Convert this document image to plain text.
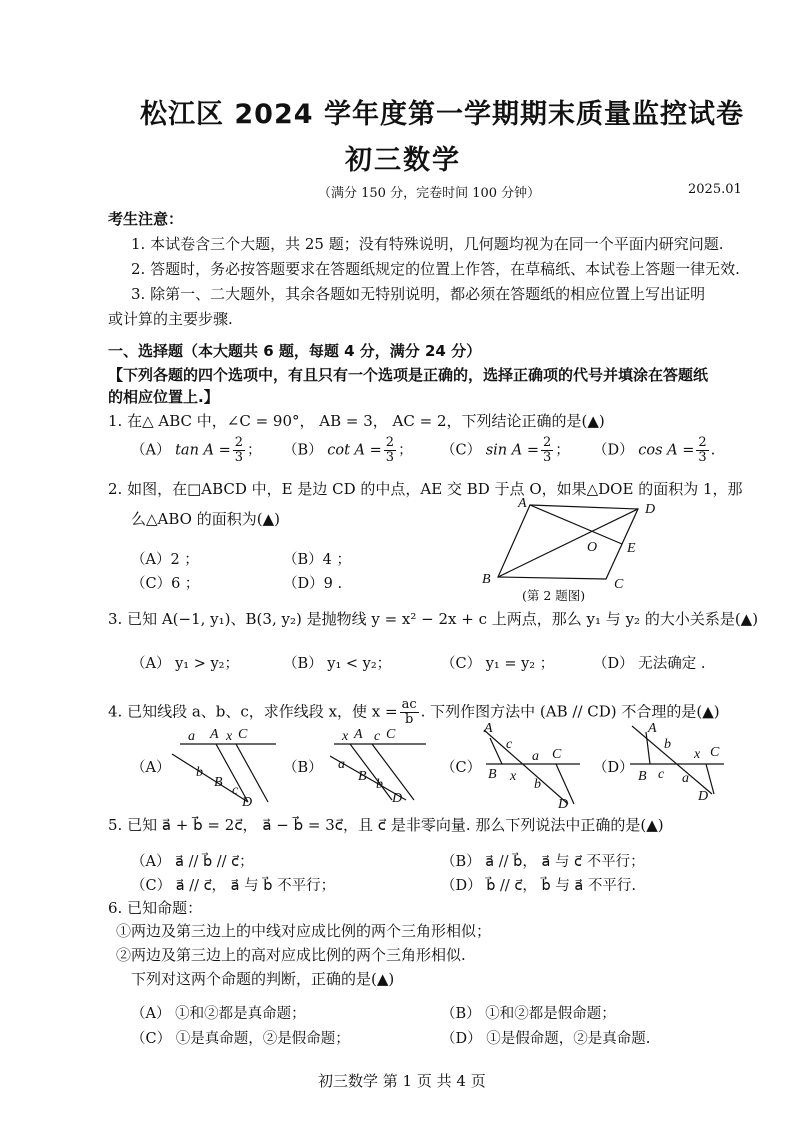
松江区 2024 学年度第一学期期末质量监控试卷
初三数学
（满分 150 分，完卷时间 100 分钟）	2025.01
考生注意：
1. 本试卷含三个大题，共 25 题；没有特殊说明，几何题均视为在同一个平面内研究问题.
2. 答题时，务必按答题要求在答题纸规定的位置上作答，在草稿纸、本试卷上答题一律无效.
3. 除第一、二大题外，其余各题如无特别说明，都必须在答题纸的相应位置上写出证明
或计算的主要步骤.
一、选择题（本大题共 6 题，每题 4 分，满分 24 分）
【下列各题的四个选项中，有且只有一个选项是正确的，选择正确项的代号并填涂在答题纸
的相应位置上.】
1. 在△ ABC 中，∠C = 90°， AB = 3， AC = 2，下列结论正确的是(▲)
（A） $\tan A = \frac{2}{3}$ ； （B） $\cot A = \frac{2}{3}$ ； （C） $\sin A = \frac{2}{3}$ ； （D） $\cos A = \frac{2}{3}$ .
2. 如图，在□ABCD 中，E 是边 CD 的中点，AE 交 BD 于点 O，如果△DOE 的面积为 1，那
么△ABO 的面积为(▲)
（A）2 ；	（B）4 ；
（C）6 ；	（D）9 .
A	D
O E
B	C
(第 2 题图)
3. 已知 A(−1, y₁)、B(3, y₂) 是抛物线 y = x² − 2x + c 上两点，那么 y₁ 与 y₂ 的大小关系是(▲)
（A） y₁ > y₂；	（B） y₁ < y₂；	（C） y₁ = y₂ ；	（D） 无法确定 .
4. 已知线段 a、b、c，求作线段 x，使 $x = \frac{ac}{b}$ . 下列作图方法中 (AB // CD) 不合理的是(▲)
（A）
a A x C
b
B
c
D
（B）
x A c C
a
B
b
D
（C）
A
c
a C
B x
b
D
（D）
A
b
x C
B c a
D
5. 已知 a⃗ + b⃗ = 2c⃗， a⃗ − b⃗ = 3c⃗，且 c⃗ 是非零向量. 那么下列说法中正确的是(▲)
（A） a⃗ // b⃗ // c⃗；	（B） a⃗ // b⃗， a⃗ 与 c⃗ 不平行；
（C） a⃗ // c⃗， a⃗ 与 b⃗ 不平行；	（D） b⃗ // c⃗， b⃗ 与 a⃗ 不平行.
6. 已知命题：
①两边及第三边上的中线对应成比例的两个三角形相似；
②两边及第三边上的高对应成比例的两个三角形相似.
下列对这两个命题的判断，正确的是(▲)
（A） ①和②都是真命题；	（B） ①和②都是假命题；
（C） ①是真命题，②是假命题；	（D） ①是假命题，②是真命题.
初三数学 第 1 页 共 4 页
